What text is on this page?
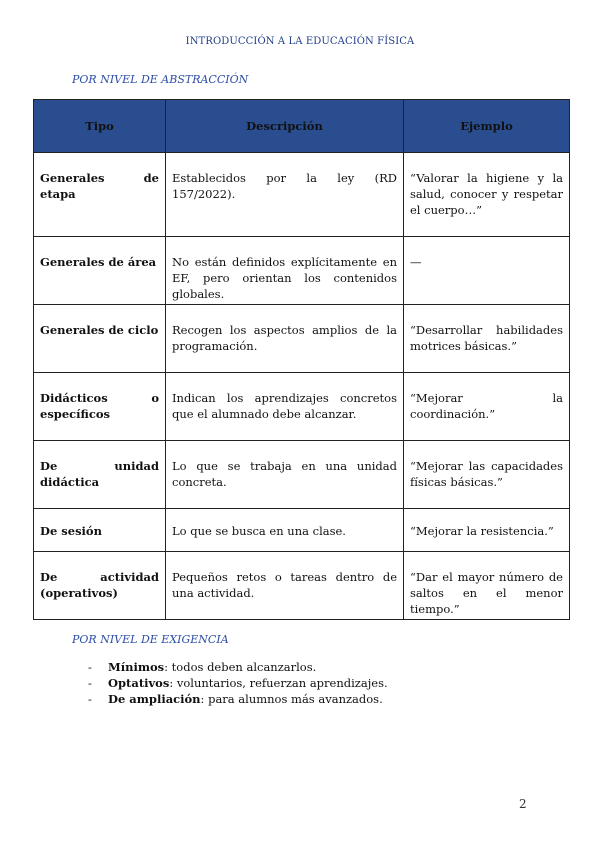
INTRODUCCIÓN A LA EDUCACIÓN FÍSICA
POR NIVEL DE ABSTRACCIÓN
Tipo	Descripción	Ejemplo
Generales de etapa	Establecidos por la ley (RD 157/2022).	“Valorar la higiene y la salud, conocer y respetar el cuerpo…”
Generales de área	No están definidos explícitamente en EF, pero orientan los contenidos globales.	—
Generales de ciclo	Recogen los aspectos amplios de la programación.	“Desarrollar habilidades motrices básicas.”
Didácticos o específicos	Indican los aprendizajes concretos que el alumnado debe alcanzar.	“Mejorar la coordinación.”
De unidad didáctica	Lo que se trabaja en una unidad concreta.	“Mejorar las capacidades físicas básicas.”
De sesión	Lo que se busca en una clase.	“Mejorar la resistencia.”
De actividad (operativos)	Pequeños retos o tareas dentro de una actividad.	“Dar el mayor número de saltos en el menor tiempo.”
POR NIVEL DE EXIGENCIA
- Mínimos: todos deben alcanzarlos.
- Optativos: voluntarios, refuerzan aprendizajes.
- De ampliación: para alumnos más avanzados.
2
